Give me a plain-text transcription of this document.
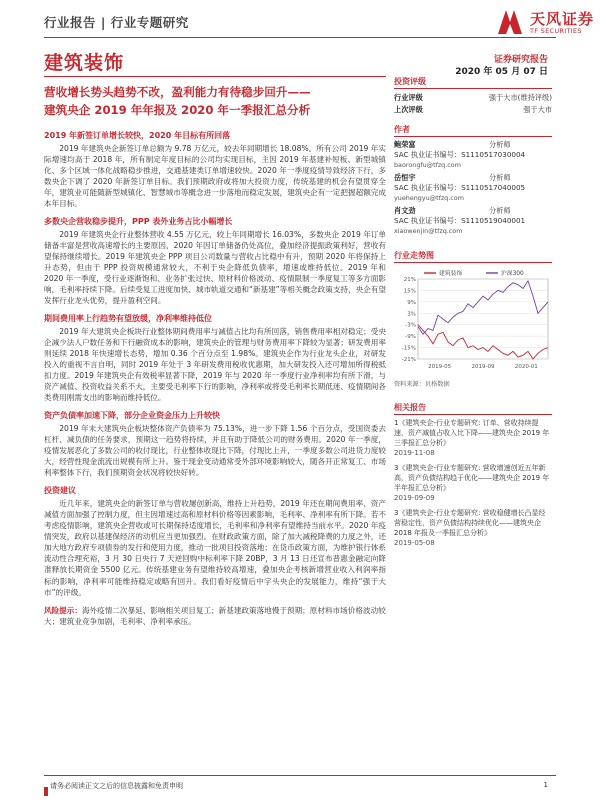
行业报告 | 行业专题研究	天风证券
TF SECURITIES
建筑装饰	证券研究报告
2020 年 05 月 07 日
营收增长势头趋势不改，盈利能力有待稳步回升——
建筑央企 2019 年年报及 2020 年一季报汇总分析
2019 年新签订单增长较快，2020 年目标有所回落

2019 年建筑央企新签订单总额为 9.78 万亿元，较去年同期增长 18.08%。所有公司 2019 年实际增速均高于 2018 年，所有制定年度目标的公司均实现目标，主因 2019 年基建补短板、新型城镇化、多个区域一体化战略稳步推进，交通基建类订单增速较快。2020 年一季度疫情导致经济下行，多数央企下调了 2020 年新签订单目标。我们预期政府或将加大投资力度，传统基建的机会有望贯穿全年，建筑业可能随新型城镇化、智慧城市等概念进一步落地而稳定发展，建筑央企有一定把握超额完成本年目标。

多数央企营收稳步提升，PPP 表外业务占比小幅增长

2019 年建筑央企行业整体营收 4.55 万亿元，较上年同期增长 16.03%，多数央企 2019 年订单储备丰富是营收高速增长的主要原因，2020 年因订单储备仍处高位，叠加经济提振政策利好，营收有望保持继续增长。2019 年建筑央企 PPP 项目公司数量与营收占比稳中有升，预期 2020 年将保持上升态势，但由于 PPP 投资规模通常较大，不利于央企降低负债率，增速或维持低位。2019 年和 2020 年一季度，受行业逐渐饱和、业务扩张过快、原材料价格波动、疫情限制一季度复工等多方面影响，毛利率持续下降。后续受复工进度加快、城市轨道交通和“新基建”等相关概念政策支持，央企有望发挥行业龙头优势，提升盈利空间。

期间费用率上行趋势有望放缓，净利率维持低位

2019 年大建筑央企板块行业整体期间费用率与减值占比均有所回落，销售费用率相对稳定；受央企减少法人户数任务和下行融资成本的影响，建筑央企的管理与财务费用率下降较为显著；研发费用率则延续 2018 年快速增长态势，增加 0.36 个百分点至 1.98%。建筑央企作为行业龙头企业，对研发投入的重视不言自明，同时 2019 年处于 3 年研发费用税收优惠期，加大研发投入还可增加所得税抵扣力度。2019 年建筑央企有效税率显著下降，2019 年与 2020 年一季度行业净利率均有所下滑，与资产减值、投资收益关系不大，主要受毛利率下行的影响，净利率或将受毛利率长期低迷、疫情期间各类费用刚需支出的影响而维持低位。

资产负债率加速下降，部分企业资金压力上升较快

2019 年末大建筑央企板块整体资产负债率为 75.13%，进一步下降 1.56 个百分点，受国资委去杠杆、减负债的任务要求，预期这一趋势将持续，并且有助于降低公司的财务费用。2020 年一季度，疫情发展恶化了多数公司的收付现比，行业整体收现比下降，付现比上升，一季度多数公司进货力度较大，经营性现金流流出规模有所上升。鉴于现金变动通常受外部环境影响较大，随各开正常复工、市场利率整体下行，我们预期资金状况将较快好转。

投资建议

近几年来，建筑央企的新签订单与营收屡创新高，维持上升趋势，2019 年还在期间费用率、资产减值方面加强了控制力度，但主因增速过高和原材料价格等因素影响，毛利率、净利率有所下降。若不考虑疫情影响，建筑央企营收或可长期保持适度增长，毛利率和净利率有望维持当前水平。2020 年疫情突发，政府以基建保经济的动机应当更加强烈。在财政政策方面，除了加大减税降费的力度之外，还加大地方政府专项债券的发行和使用力度，推动一批项目投资落地；在货币政策方面，为维护银行体系流动性合理充裕，3 月 30 日央行 7 天逆回购中标利率下降 20BP，3 月 13 日还宣布普惠金融定向降准释放长期资金 5500 亿元。传统基建业务有望维持较高增速，叠加央企考核新增营业收入利润率指标的影响，净利率可能维持稳定或略有回升。我们看好疫情后中字头央企的发展能力，维持“强于大市”的评级。

风险提示：海外疫情二次暴延、影响相关项目复工；新基建政策落地慢于预期；原材料市场价格波动较大；建筑业竞争加剧，毛利率、净利率承压。
投资评级
行业评级	强于大市(维持评级)
上次评级	强于大市
作者
鲍荣富	分析师
SAC 执业证书编号：S1110517030004
baorongfu@tfzq.com
岳恒宇	分析师
SAC 执业证书编号：S1110517040005
yuehengyu@tfzq.com
肖文劲	分析师
SAC 执业证书编号：S1110519040001
xiaowenjin@tfzq.com
行业走势图
21%
15%
9%
3%
-3%
-9%
-15%
-21%
2019-05	2019-09	2020-01
建筑装饰	沪深300
资料来源：贝格数据
相关报告
1《建筑央企-行业专题研究: 订单、营收持续提速，资产减值占收入比下降——建筑央企 2019 年三季报汇总分析》
2019-11-08
3《建筑央企-行业专题研究: 营收增速创近五年新高，资产负债结构趋于优化——建筑央企 2019 年半年报汇总分析》
2019-09-09
3《建筑央企-行业专题研究: 营收稳健增长凸显经营稳定性，资产负债结构持续优化——建筑央企 2018 年报及一季报汇总分析》
2019-05-08
请务必阅读正文之后的信息披露和免责申明	1
